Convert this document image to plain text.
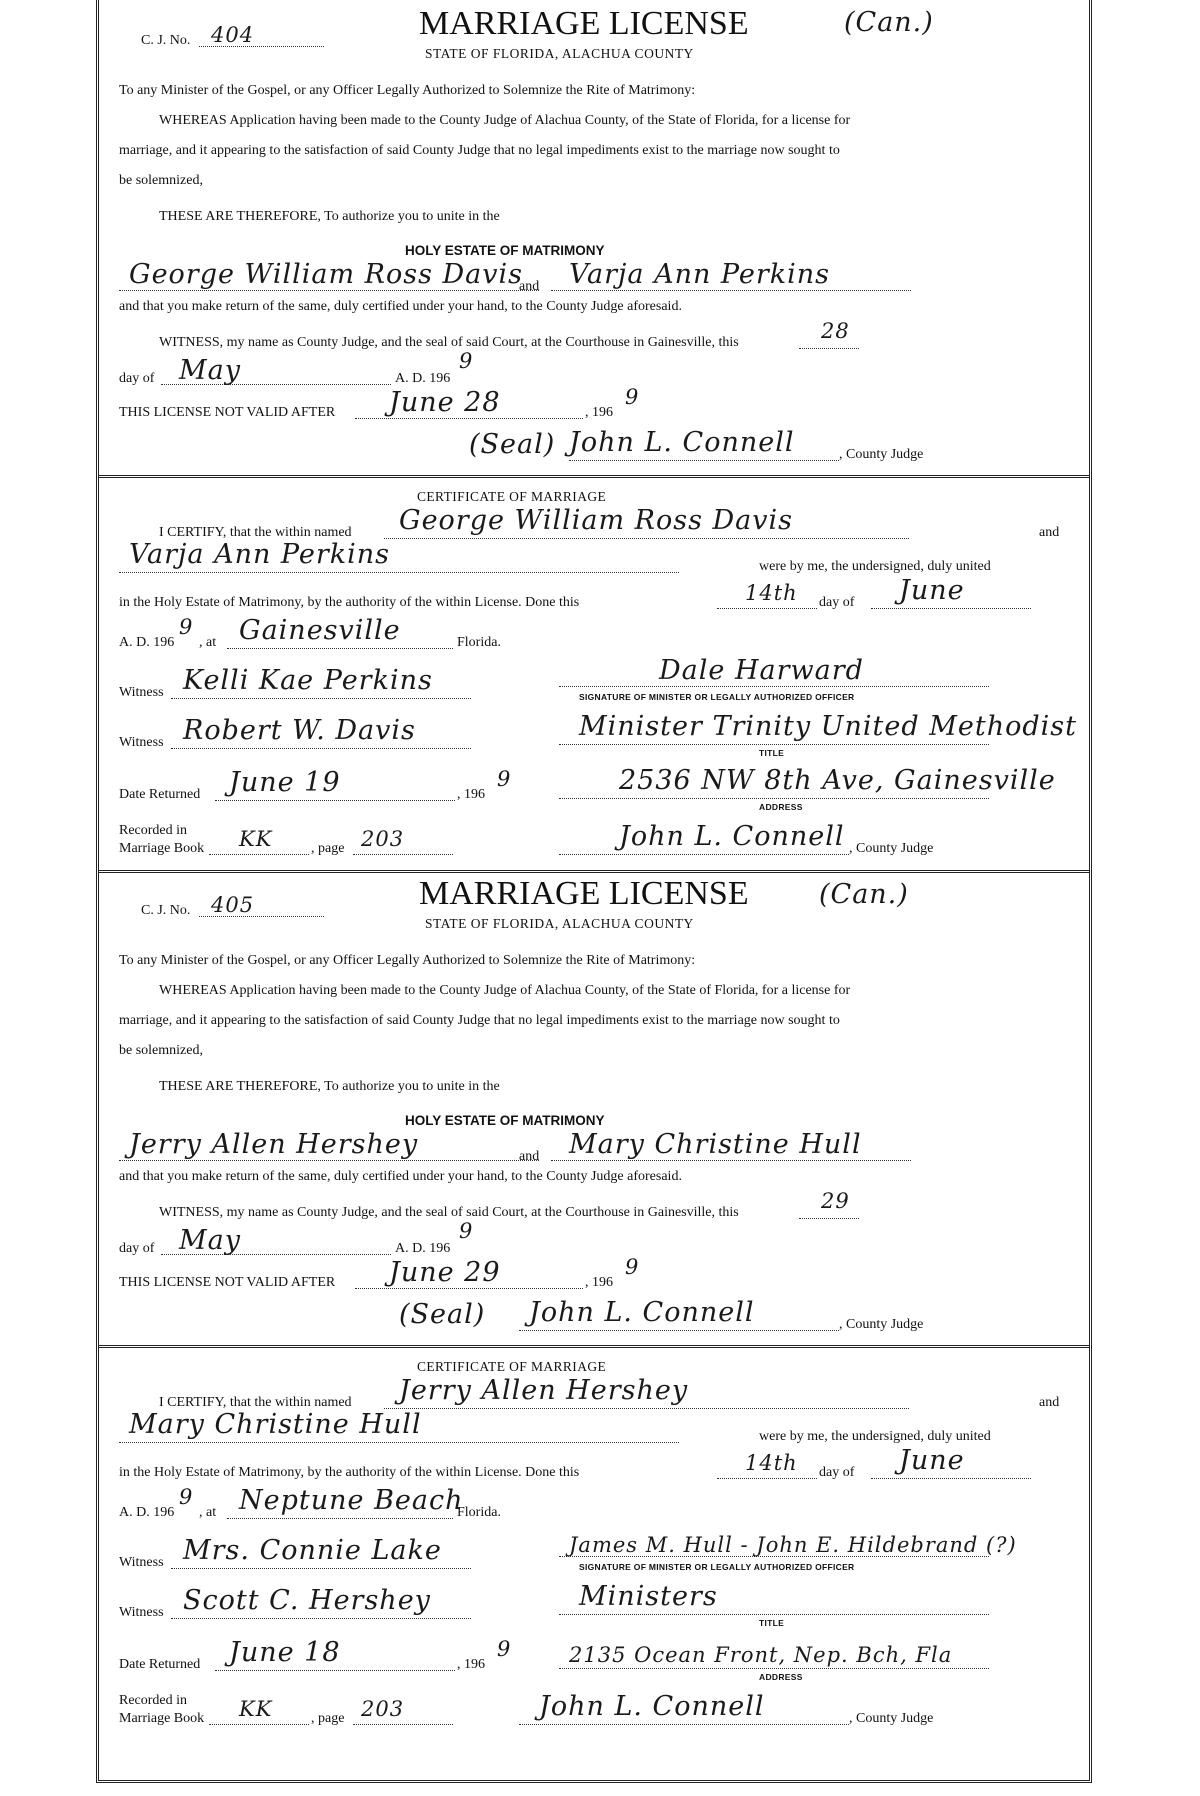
C. J. No. 404	MARRIAGE LICENSE
STATE OF FLORIDA, ALACHUA COUNTY
(Can.)
To any Minister of the Gospel, or any Officer Legally Authorized to Solemnize the Rite of Matrimony:
WHEREAS Application having been made to the County Judge of Alachua County, of the State of Florida, for a license for
marriage, and it appearing to the satisfaction of said County Judge that no legal impediments exist to the marriage now sought to
be solemnized,
THESE ARE THEREFORE, To authorize you to unite in the
HOLY ESTATE OF MATRIMONY
George William Ross Davis
and Varja Ann Perkins
and that you make return of the same, duly certified under your hand, to the County Judge aforesaid.
WITNESS, my name as County Judge, and the seal of said Court, at the Courthouse in Gainesville, this	28
day of May	A. D. 196
9
THIS LICENSE NOT VALID AFTER June 28	, 196
9
(Seal) John L. Connell	, County Judge
CERTIFICATE OF MARRIAGE
I CERTIFY, that the within named George William Ross Davis	and
Varja Ann Perkins	were by me, the undersigned, duly united
in the Holy Estate of Matrimony, by the authority of the within License. Done this	14th day of June
A. D. 196
9
, at Gainesville	Florida.
Witness Kelli Kae Perkins	Dale Harward
SIGNATURE OF MINISTER OR LEGALLY AUTHORIZED OFFICER
Witness Robert W. Davis	Minister Trinity United Methodist
TITLE
Date Returned June 19	, 196
9	2536 NW 8th Ave, Gainesville
ADDRESS
Recorded in
Marriage Book KK	, page 203	John L. Connell , County Judge
C. J. No. 405	MARRIAGE LICENSE
STATE OF FLORIDA, ALACHUA COUNTY
(Can.)
To any Minister of the Gospel, or any Officer Legally Authorized to Solemnize the Rite of Matrimony:
WHEREAS Application having been made to the County Judge of Alachua County, of the State of Florida, for a license for
marriage, and it appearing to the satisfaction of said County Judge that no legal impediments exist to the marriage now sought to
be solemnized,
THESE ARE THEREFORE, To authorize you to unite in the
HOLY ESTATE OF MATRIMONY
Jerry Allen Hershey	and Mary Christine Hull
and that you make return of the same, duly certified under your hand, to the County Judge aforesaid.
WITNESS, my name as County Judge, and the seal of said Court, at the Courthouse in Gainesville, this	29
day of May	A. D. 196
9
THIS LICENSE NOT VALID AFTER June 29	, 196
9
(Seal) John L. Connell	, County Judge
CERTIFICATE OF MARRIAGE
I CERTIFY, that the within named Jerry Allen Hershey	and
Mary Christine Hull	were by me, the undersigned, duly united
in the Holy Estate of Matrimony, by the authority of the within License. Done this	14th day of June
A. D. 196
9
, at Neptune Beach
Florida.
Witness Mrs. Connie Lake	James M. Hull - John E. Hildebrand (?)
SIGNATURE OF MINISTER OR LEGALLY AUTHORIZED OFFICER
Witness Scott C. Hershey	Ministers
TITLE
Date Returned June 18	, 196
9	2135 Ocean Front, Nep. Bch, Fla
ADDRESS
Recorded in
Marriage Book KK	, page 203	John L. Connell	, County Judge
